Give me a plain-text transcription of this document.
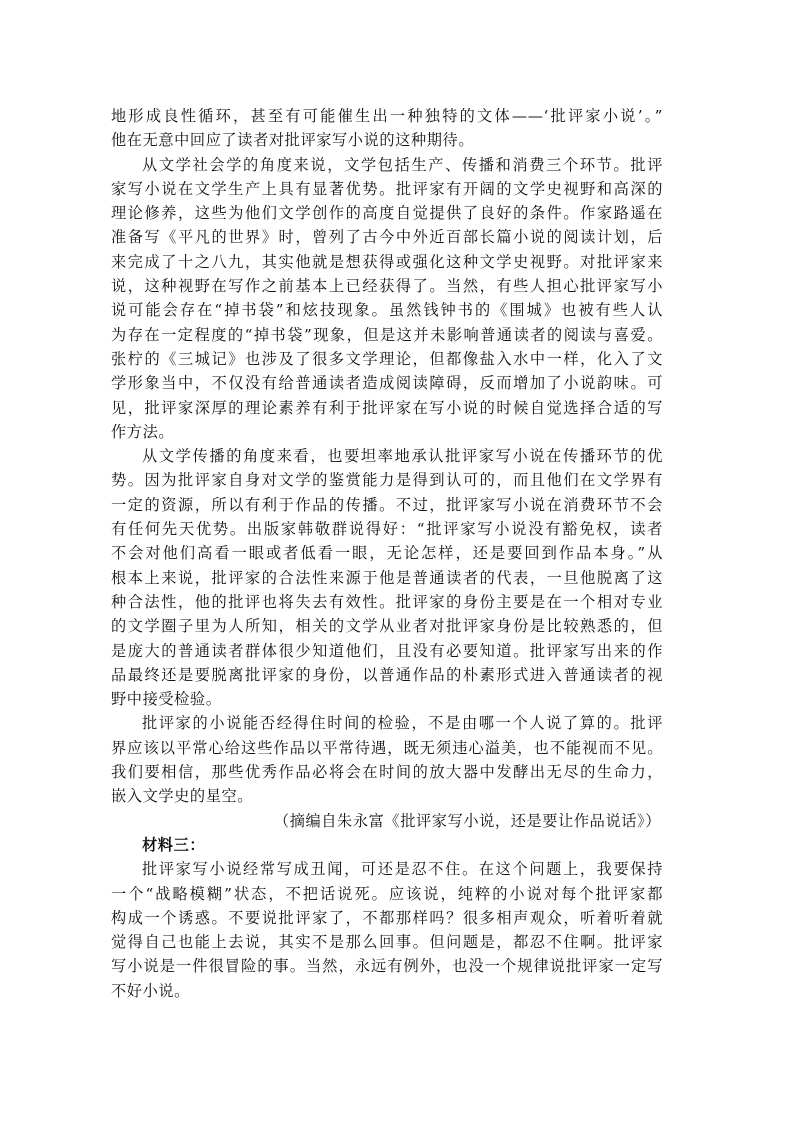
地形成良性循环，甚至有可能催生出一种独特的文体——‘批评家小说’。”
他在无意中回应了读者对批评家写小说的这种期待。
从文学社会学的角度来说，文学包括生产、传播和消费三个环节。批评
家写小说在文学生产上具有显著优势。批评家有开阔的文学史视野和高深的
理论修养，这些为他们文学创作的高度自觉提供了良好的条件。作家路遥在
准备写《平凡的世界》时，曾列了古今中外近百部长篇小说的阅读计划，后
来完成了十之八九，其实他就是想获得或强化这种文学史视野。对批评家来
说，这种视野在写作之前基本上已经获得了。当然，有些人担心批评家写小
说可能会存在“掉书袋”和炫技现象。虽然钱钟书的《围城》也被有些人认
为存在一定程度的“掉书袋”现象，但是这并未影响普通读者的阅读与喜爱。
张柠的《三城记》也涉及了很多文学理论，但都像盐入水中一样，化入了文
学形象当中，不仅没有给普通读者造成阅读障碍，反而增加了小说韵味。可
见，批评家深厚的理论素养有利于批评家在写小说的时候自觉选择合适的写
作方法。
从文学传播的角度来看，也要坦率地承认批评家写小说在传播环节的优
势。因为批评家自身对文学的鉴赏能力是得到认可的，而且他们在文学界有
一定的资源，所以有利于作品的传播。不过，批评家写小说在消费环节不会
有任何先天优势。出版家韩敬群说得好：“批评家写小说没有豁免权，读者
不会对他们高看一眼或者低看一眼，无论怎样，还是要回到作品本身。”从
根本上来说，批评家的合法性来源于他是普通读者的代表，一旦他脱离了这
种合法性，他的批评也将失去有效性。批评家的身份主要是在一个相对专业
的文学圈子里为人所知，相关的文学从业者对批评家身份是比较熟悉的，但
是庞大的普通读者群体很少知道他们，且没有必要知道。批评家写出来的作
品最终还是要脱离批评家的身份，以普通作品的朴素形式进入普通读者的视
野中接受检验。
批评家的小说能否经得住时间的检验，不是由哪一个人说了算的。批评
界应该以平常心给这些作品以平常待遇，既无须违心溢美，也不能视而不见。
我们要相信，那些优秀作品必将会在时间的放大器中发酵出无尽的生命力，
嵌入文学史的星空。
（摘编自朱永富《批评家写小说，还是要让作品说话》）
材料三：
批评家写小说经常写成丑闻，可还是忍不住。在这个问题上，我要保持
一个“战略模糊”状态，不把话说死。应该说，纯粹的小说对每个批评家都
构成一个诱惑。不要说批评家了，不都那样吗？很多相声观众，听着听着就
觉得自己也能上去说，其实不是那么回事。但问题是，都忍不住啊。批评家
写小说是一件很冒险的事。当然，永远有例外，也没一个规律说批评家一定写
不好小说。
